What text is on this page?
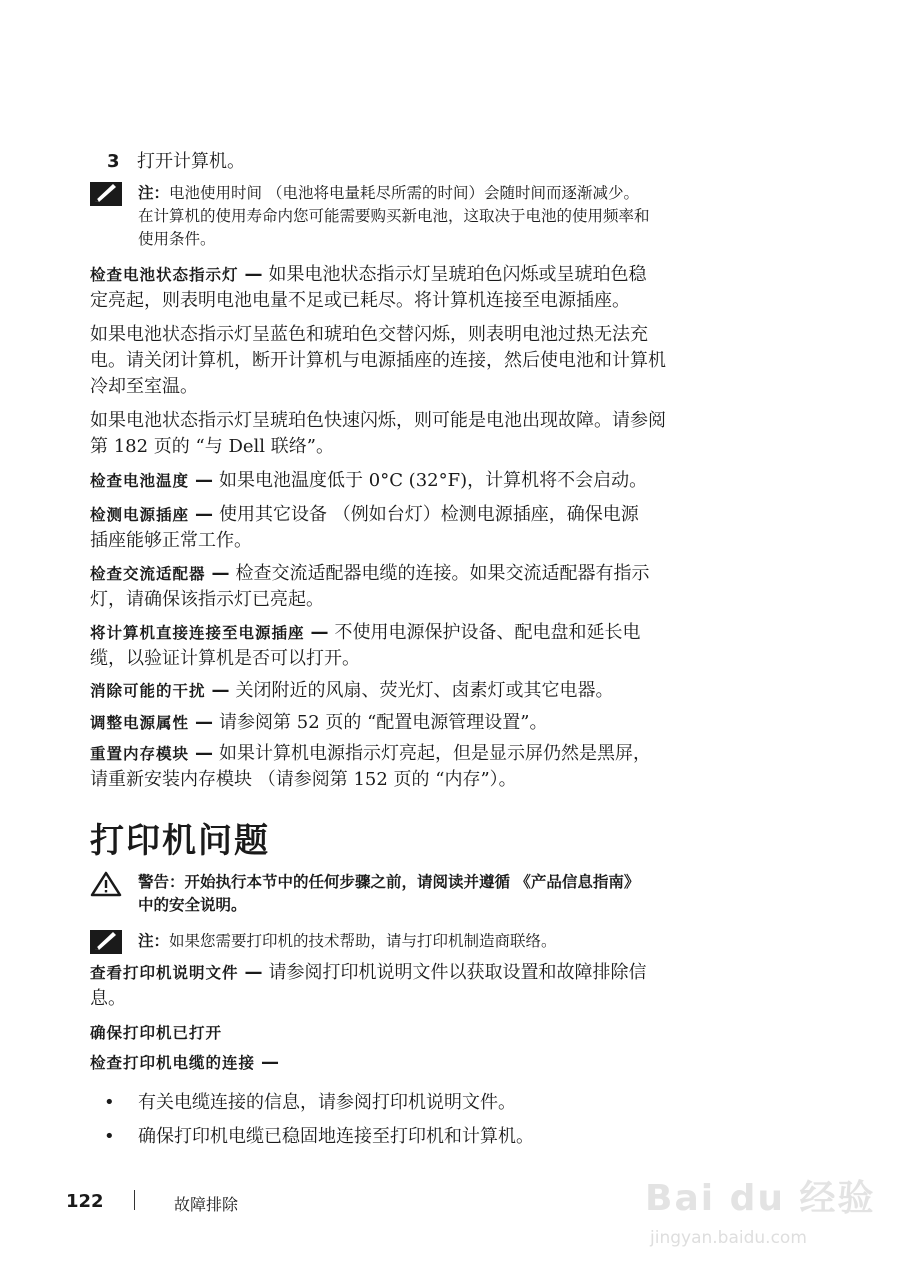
3 打开计算机。
注：电池使用时间 （电池将电量耗尽所需的时间）会随时间而逐渐减少。
在计算机的使用寿命内您可能需要购买新电池，这取决于电池的使用频率和
使用条件。

检查电池状态指示灯 — 如果电池状态指示灯呈琥珀色闪烁或呈琥珀色稳

定亮起，则表明电池电量不足或已耗尽。将计算机连接至电源插座。

如果电池状态指示灯呈蓝色和琥珀色交替闪烁，则表明电池过热无法充

电。请关闭计算机，断开计算机与电源插座的连接，然后使电池和计算机

冷却至室温。

如果电池状态指示灯呈琥珀色快速闪烁，则可能是电池出现故障。请参阅

第 182 页的 “与 Dell 联络”。

检查电池温度 — 如果电池温度低于 0°C (32°F)，计算机将不会启动。

检测电源插座 — 使用其它设备 （例如台灯）检测电源插座，确保电源

插座能够正常工作。

检查交流适配器 — 检查交流适配器电缆的连接。如果交流适配器有指示

灯，请确保该指示灯已亮起。

将计算机直接连接至电源插座 — 不使用电源保护设备、配电盘和延长电

缆，以验证计算机是否可以打开。

消除可能的干扰 — 关闭附近的风扇、荧光灯、卤素灯或其它电器。

调整电源属性 — 请参阅第 52 页的 “配置电源管理设置”。

重置内存模块 — 如果计算机电源指示灯亮起，但是显示屏仍然是黑屏，

请重新安装内存模块 （请参阅第 152 页的 “内存”）。

打印机问题
警告：开始执行本节中的任何步骤之前，请阅读并遵循 《产品信息指南》
中的安全说明。
注：如果您需要打印机的技术帮助，请与打印机制造商联络。

查看打印机说明文件 — 请参阅打印机说明文件以获取设置和故障排除信

息。

确保打印机已打开

检查打印机电缆的连接 —

• 有关电缆连接的信息，请参阅打印机说明文件。
• 确保打印机电缆已稳固地连接至打印机和计算机。
122	故障排除	Bai du 经验
jingyan.baidu.com
